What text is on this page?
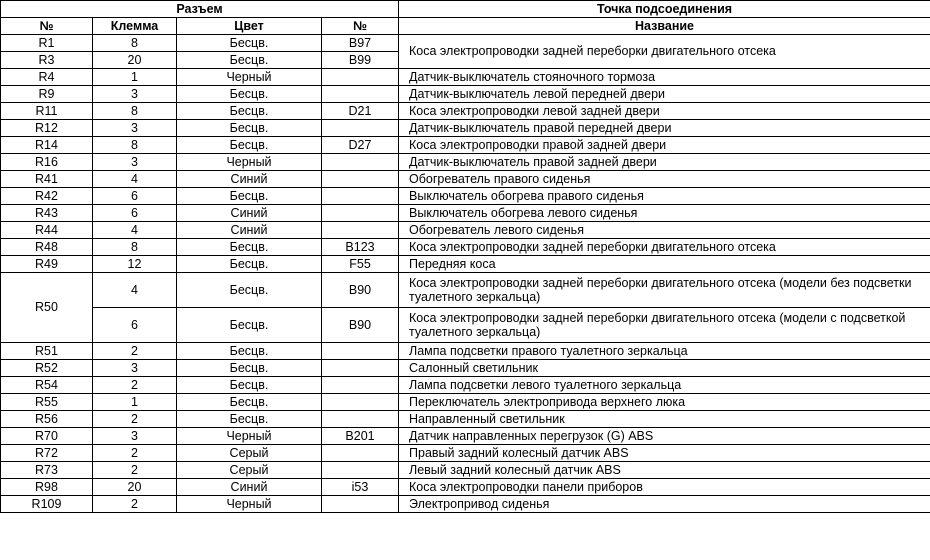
Разъем				Точка подсоединения
№	Клемма	Цвет	№	Название
R1	8	Бесцв.	B97	Коса электропроводки задней переборки двигательного отсека
R3	20	Бесцв.	B99	
R4	1	Черный		Датчик-выключатель стояночного тормоза
R9	3	Бесцв.		Датчик-выключатель левой передней двери
R11	8	Бесцв.	D21	Коса электропроводки левой задней двери
R12	3	Бесцв.		Датчик-выключатель правой передней двери
R14	8	Бесцв.	D27	Коса электропроводки правой задней двери
R16	3	Черный		Датчик-выключатель правой задней двери
R41	4	Синий		Обогреватель правого сиденья
R42	6	Бесцв.		Выключатель обогрева правого сиденья
R43	6	Синий		Выключатель обогрева левого сиденья
R44	4	Синий		Обогреватель левого сиденья
R48	8	Бесцв.	B123	Коса электропроводки задней переборки двигательного отсека
R49	12	Бесцв.	F55	Передняя коса
R50	4	Бесцв.	B90	Коса электропроводки задней переборки двигательного отсека (модели без подсветки туалетного зеркальца)
	6	Бесцв.	B90	Коса электропроводки задней переборки двигательного отсека (модели с подсветкой туалетного зеркальца)
R51	2	Бесцв.		Лампа подсветки правого туалетного зеркальца
R52	3	Бесцв.		Салонный светильник
R54	2	Бесцв.		Лампа подсветки левого туалетного зеркальца
R55	1	Бесцв.		Переключатель электропривода верхнего люка
R56	2	Бесцв.		Направленный светильник
R70	3	Черный	B201	Датчик направленных перегрузок (G) ABS
R72	2	Серый		Правый задний колесный датчик ABS
R73	2	Серый		Левый задний колесный датчик ABS
R98	20	Синий	i53	Коса электропроводки панели приборов
R109	2	Черный		Электропривод сиденья
